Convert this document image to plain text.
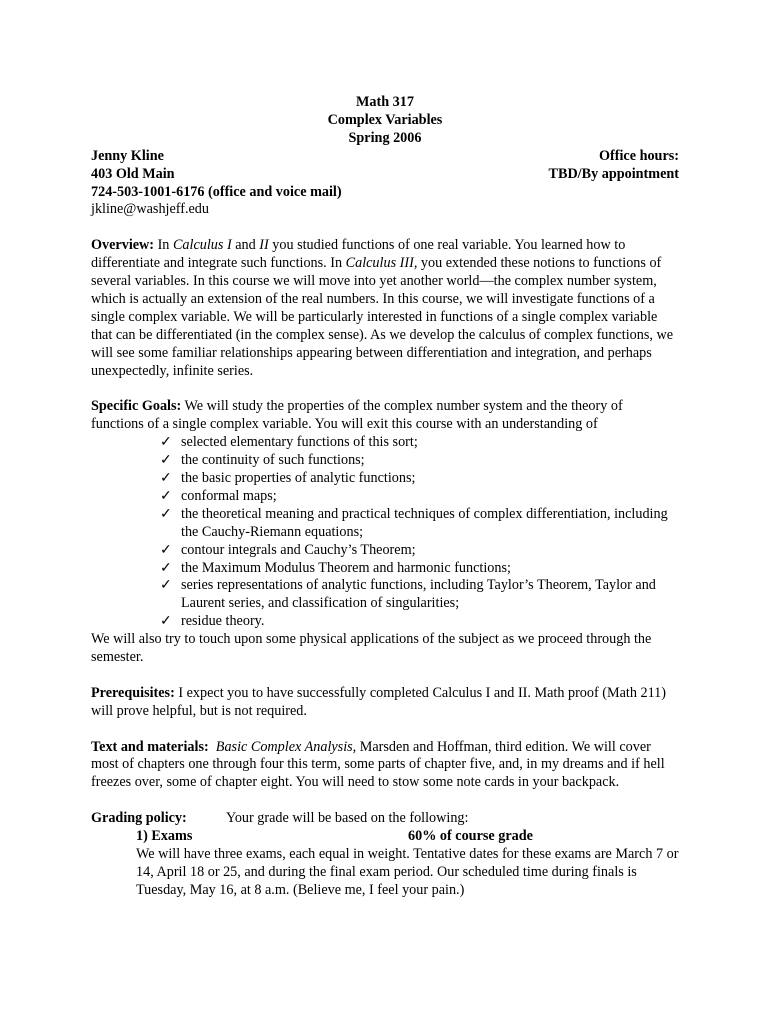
Math 317
Complex Variables
Spring 2006
Jenny Kline	Office hours:
403 Old Main	TBD/By appointment
724-503-1001-6176 (office and voice mail)
jkline@washjeff.edu

Overview: In Calculus I and II you studied functions of one real variable. You learned how to differentiate and integrate such functions. In Calculus III, you extended these notions to functions of several variables. In this course we will move into yet another world—the complex number system, which is actually an extension of the real numbers. In this course, we will investigate functions of a single complex variable. We will be particularly interested in functions of a single complex variable that can be differentiated (in the complex sense). As we develop the calculus of complex functions, we will see some familiar relationships appearing between differentiation and integration, and perhaps unexpectedly, infinite series.

Specific Goals: We will study the properties of the complex number system and the theory of functions of a single complex variable. You will exit this course with an understanding of

✓ selected elementary functions of this sort;
✓ the continuity of such functions;
✓ the basic properties of analytic functions;
✓ conformal maps;
✓ the theoretical meaning and practical techniques of complex differentiation, including the Cauchy-Riemann equations;
✓ contour integrals and Cauchy’s Theorem;
✓ the Maximum Modulus Theorem and harmonic functions;
✓ series representations of analytic functions, including Taylor’s Theorem, Taylor and Laurent series, and classification of singularities;
✓ residue theory.

We will also try to touch upon some physical applications of the subject as we proceed through the semester.

Prerequisites: I expect you to have successfully completed Calculus I and II. Math proof (Math 211) will prove helpful, but is not required.

Text and materials: Basic Complex Analysis, Marsden and Hoffman, third edition. We will cover most of chapters one through four this term, some parts of chapter five, and, in my dreams and if hell freezes over, some of chapter eight. You will need to stow some note cards in your backpack.

Grading policy:	Your grade will be based on the following:
1) Exams	60% of course grade

We will have three exams, each equal in weight. Tentative dates for these exams are March 7 or 14, April 18 or 25, and during the final exam period. Our scheduled time during finals is Tuesday, May 16, at 8 a.m. (Believe me, I feel your pain.)
